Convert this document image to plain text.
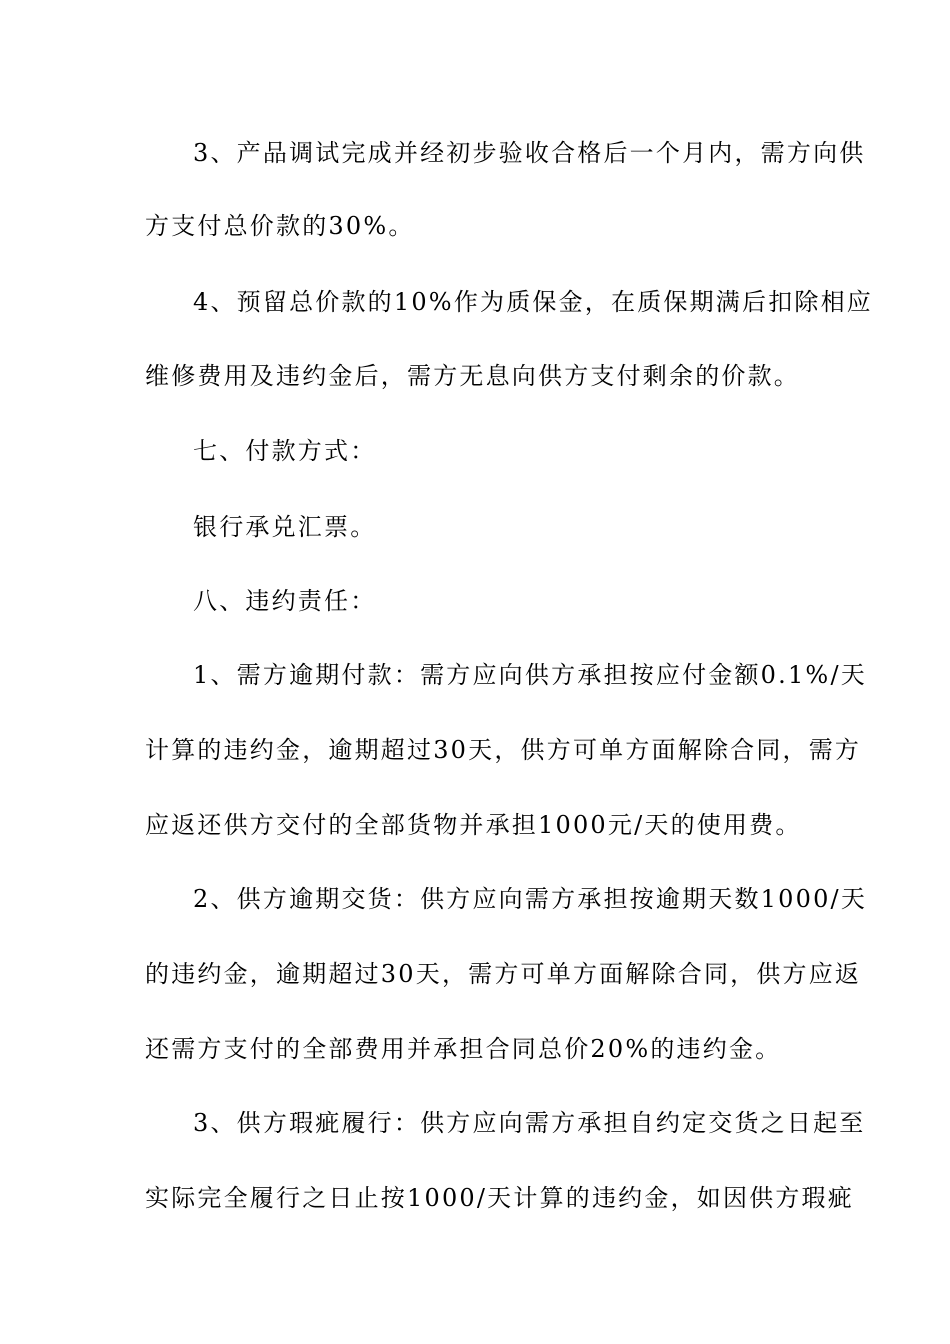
3、产品调试完成并经初步验收合格后一个月内，需方向供
方支付总价款的30%。
4、预留总价款的10%作为质保金，在质保期满后扣除相应
维修费用及违约金后，需方无息向供方支付剩余的价款。
七、付款方式：
银行承兑汇票。
八、违约责任：
1、需方逾期付款：需方应向供方承担按应付金额0.1%/天
计算的违约金，逾期超过30天，供方可单方面解除合同，需方
应返还供方交付的全部货物并承担1000元/天的使用费。
2、供方逾期交货：供方应向需方承担按逾期天数1000/天
的违约金，逾期超过30天，需方可单方面解除合同，供方应返
还需方支付的全部费用并承担合同总价20%的违约金。
3、供方瑕疵履行：供方应向需方承担自约定交货之日起至
实际完全履行之日止按1000/天计算的违约金，如因供方瑕疵
